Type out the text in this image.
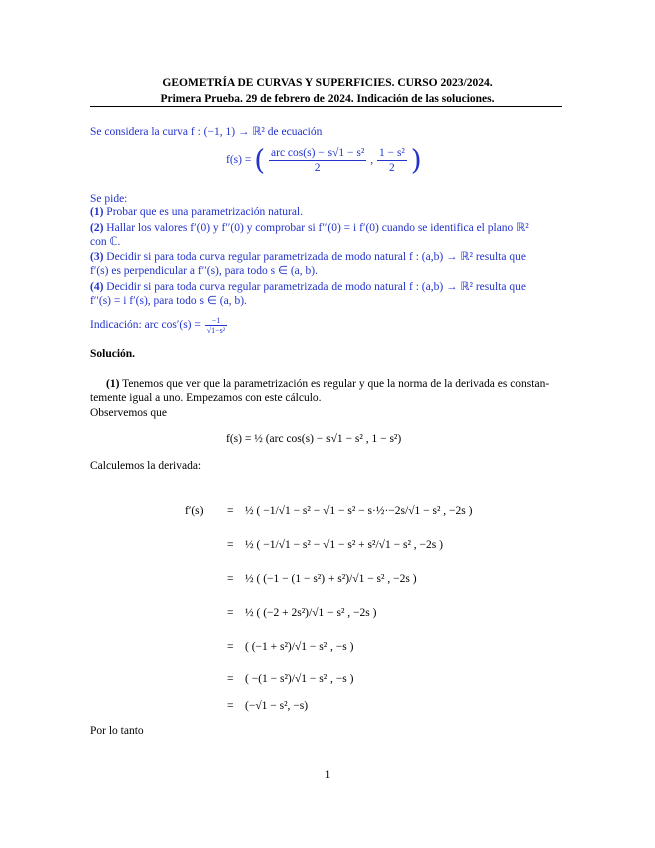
GEOMETRÍA DE CURVAS Y SUPERFICIES. CURSO 2023/2024.
Primera Prueba. 29 de febrero de 2024. Indicación de las soluciones.
Se considera la curva f : (−1, 1) → ℝ² de ecuación
f(s) = ( $\frac{\text{arc cos(s) − s√1 − s²}}{2}$ , $\frac{\text{1 − s²}}{2}$ )
Se pide:
(1) Probar que es una parametrización natural.
(2) Hallar los valores f′(0) y f′′(0) y comprobar si f′′(0) = i f′(0) cuando se identifica el plano ℝ²
con ℂ.
(3) Decidir si para toda curva regular parametrizada de modo natural f : (a,b) → ℝ² resulta que
f′(s) es perpendicular a f′′(s), para todo s ∈ (a, b).
(4) Decidir si para toda curva regular parametrizada de modo natural f : (a,b) → ℝ² resulta que
f′′(s) = i f′(s), para todo s ∈ (a, b).
Indicación: arc $\cos'(s) = \frac{-1}{\text{√1−s²}}$
Solución.
(1) Tenemos que ver que la parametrización es regular y que la norma de la derivada es constan-
temente igual a uno. Empezamos con este cálculo.
Observemos que
f(s) = ½ (arc cos(s) − s√1 − s² , 1 − s²)
Calculemos la derivada:
f′(s) = ½ ( −1/√1 − s² − √1 − s² − s·½·−2s/√1 − s² , −2s )
= ½ ( −1/√1 − s² − √1 − s² + s²/√1 − s² , −2s )
= ½ ( (−1 − (1 − s²) + s²)/√1 − s² , −2s )
= ½ ( (−2 + 2s²)/√1 − s² , −2s )
= ( (−1 + s²)/√1 − s² , −s )
= ( −(1 − s²)/√1 − s² , −s )
= (−√1 − s², −s)
Por lo tanto
1
